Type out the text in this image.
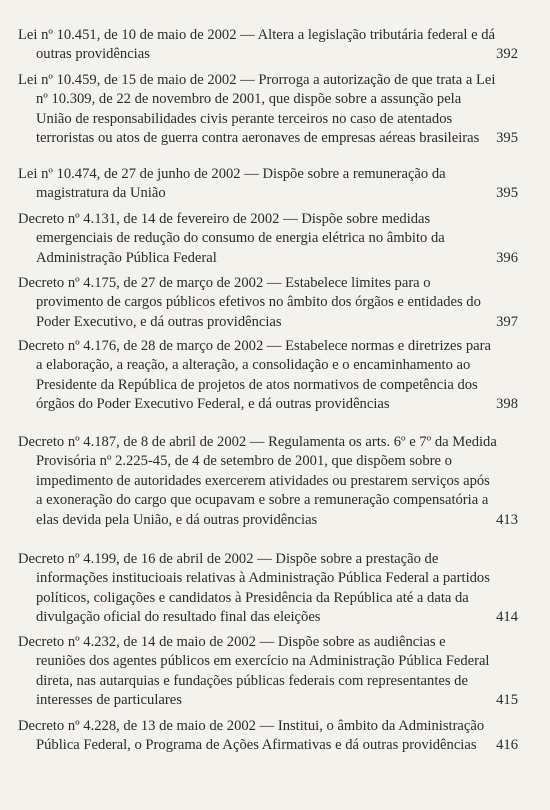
Lei nº 10.451, de 10 de maio de 2002 — Altera a legislação tributária federal e dá outras providências	392
Lei nº 10.459, de 15 de maio de 2002 — Prorroga a autorização de que trata a Lei nº 10.309, de 22 de novembro de 2001, que dispõe sobre a assunção pela União de responsabilidades civis perante terceiros no caso de atentados terroristas ou atos de guerra contra aeronaves de empresas aéreas brasileiras	395
Lei nº 10.474, de 27 de junho de 2002 — Dispõe sobre a remuneração da magistratura da União	395
Decreto nº 4.131, de 14 de fevereiro de 2002 — Dispõe sobre medidas emergenciais de redução do consumo de energia elétrica no âmbito da Administração Pública Federal	396
Decreto nº 4.175, de 27 de março de 2002 — Estabelece limites para o provimento de cargos públicos efetivos no âmbito dos órgãos e entidades do Poder Executivo, e dá outras providências	397
Decreto nº 4.176, de 28 de março de 2002 — Estabelece normas e diretrizes para a elaboração, a reação, a alteração, a consolidação e o encaminhamento ao Presidente da República de projetos de atos normativos de competência dos órgãos do Poder Executivo Federal, e dá outras providências	398
Decreto nº 4.187, de 8 de abril de 2002 — Regulamenta os arts. 6º e 7º da Medida Provisória nº 2.225-45, de 4 de setembro de 2001, que dispõem sobre o impedimento de autoridades exercerem atividades ou prestarem serviços após a exoneração do cargo que ocupavam e sobre a remuneração compensatória a elas devida pela União, e dá outras providências	413
Decreto nº 4.199, de 16 de abril de 2002 — Dispõe sobre a prestação de informações institucioais relativas à Administração Pública Federal a partidos políticos, coligações e candidatos à Presidência da República até a data da divulgação oficial do resultado final das eleições	414
Decreto nº 4.232, de 14 de maio de 2002 — Dispõe sobre as audiências e reuniões dos agentes públicos em exercício na Administração Pública Federal direta, nas autarquias e fundações públicas federais com representantes de interesses de particulares	415
Decreto nº 4.228, de 13 de maio de 2002 — Institui, o âmbito da Administração Pública Federal, o Programa de Ações Afirmativas e dá outras providências	416
